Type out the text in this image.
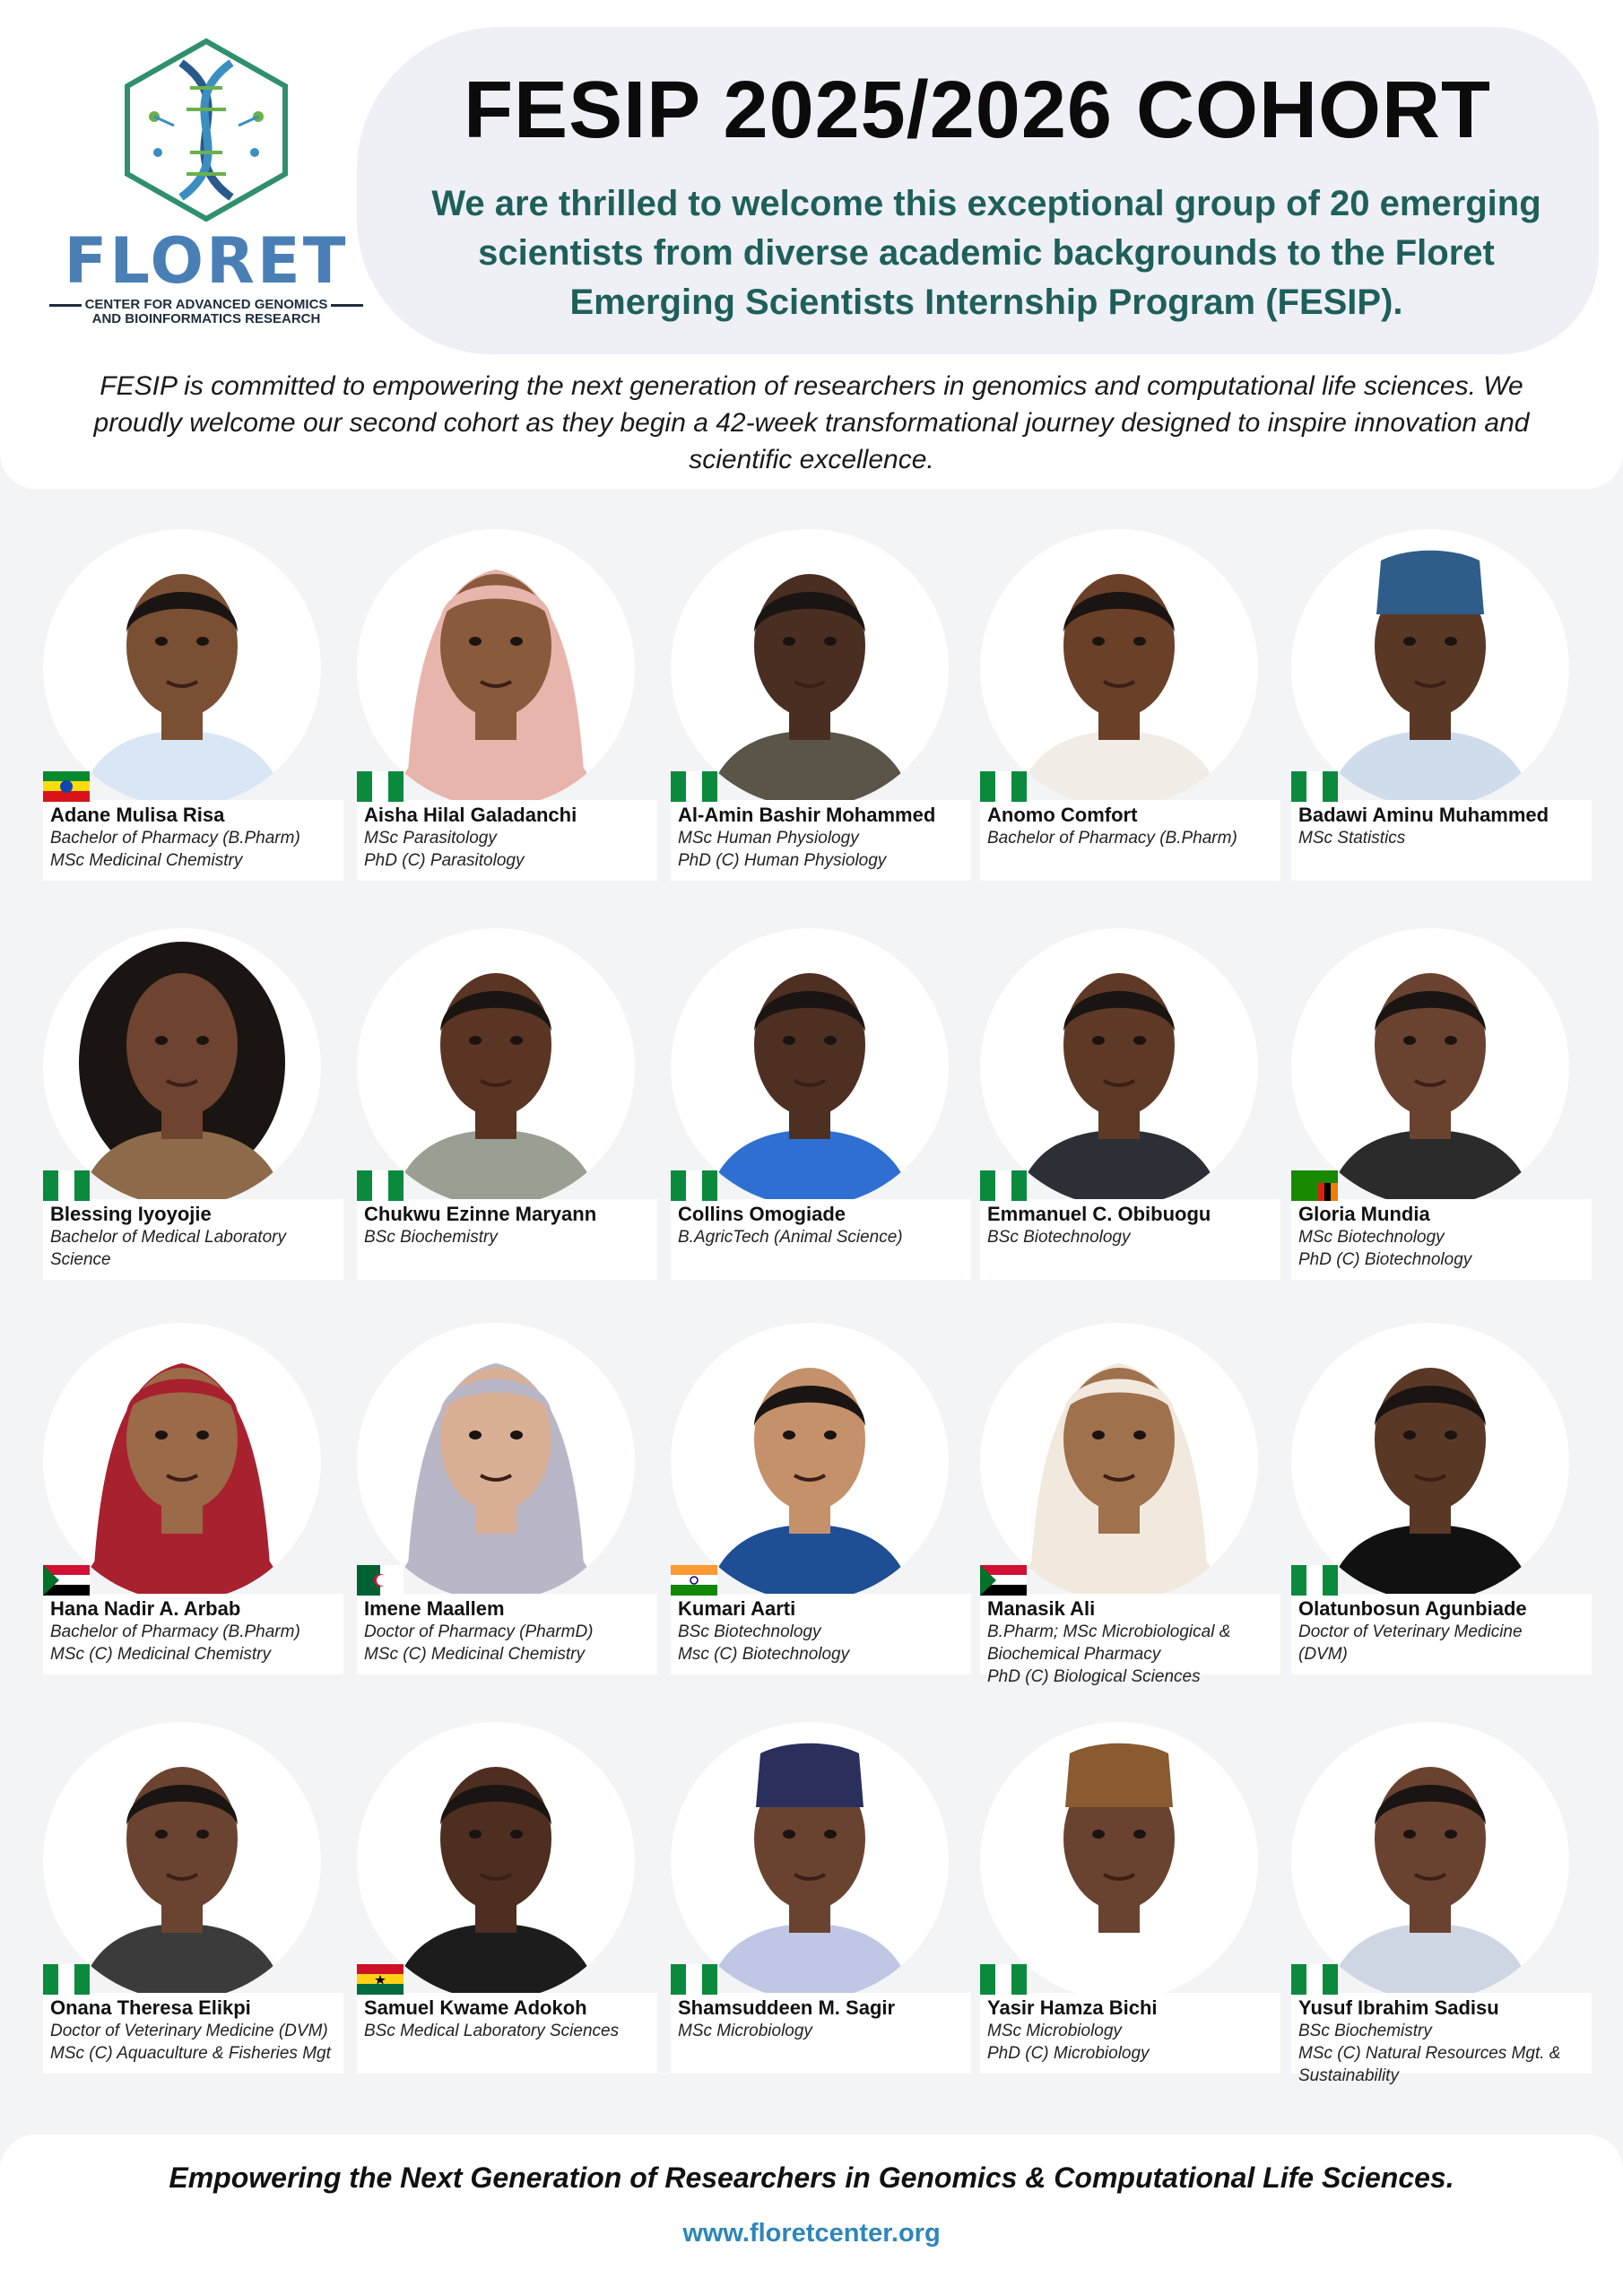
FLORET
CENTER FOR ADVANCED GENOMICS
AND BIOINFORMATICS RESEARCH
FESIP 2025/2026 COHORT
We are thrilled to welcome this exceptional group of 20 emerging scientists from diverse academic backgrounds to the Floret Emerging Scientists Internship Program (FESIP).
FESIP is committed to empowering the next generation of researchers in genomics and computational life sciences. We proudly welcome our second cohort as they begin a 42-week transformational journey designed to inspire innovation and scientific excellence.
Adane Mulisa Risa
Bachelor of Pharmacy (B.Pharm)
MSc Medicinal Chemistry
Aisha Hilal Galadanchi
MSc Parasitology
PhD (C) Parasitology
Al-Amin Bashir Mohammed
MSc Human Physiology
PhD (C) Human Physiology
Anomo Comfort
Bachelor of Pharmacy (B.Pharm)
Badawi Aminu Muhammed
MSc Statistics
Blessing Iyoyojie
Bachelor of Medical Laboratory
Science
Chukwu Ezinne Maryann
BSc Biochemistry
Collins Omogiade
B.AgricTech (Animal Science)
Emmanuel C. Obibuogu
BSc Biotechnology
Gloria Mundia
MSc Biotechnology
PhD (C) Biotechnology
Hana Nadir A. Arbab
Bachelor of Pharmacy (B.Pharm)
MSc (C) Medicinal Chemistry
Imene Maallem
Doctor of Pharmacy (PharmD)
MSc (C) Medicinal Chemistry
Kumari Aarti
BSc Biotechnology
Msc (C) Biotechnology
Manasik Ali
B.Pharm; MSc Microbiological &
Biochemical Pharmacy
PhD (C) Biological Sciences
Olatunbosun Agunbiade
Doctor of Veterinary Medicine
(DVM)
Onana Theresa Elikpi
Doctor of Veterinary Medicine (DVM)
MSc (C) Aquaculture & Fisheries Mgt
Samuel Kwame Adokoh
BSc Medical Laboratory Sciences
Shamsuddeen M. Sagir
MSc Microbiology
Yasir Hamza Bichi
MSc Microbiology
PhD (C) Microbiology
Yusuf Ibrahim Sadisu
BSc Biochemistry
MSc (C) Natural Resources Mgt. &
Sustainability
Empowering the Next Generation of Researchers in Genomics & Computational Life Sciences.
www.floretcenter.org
